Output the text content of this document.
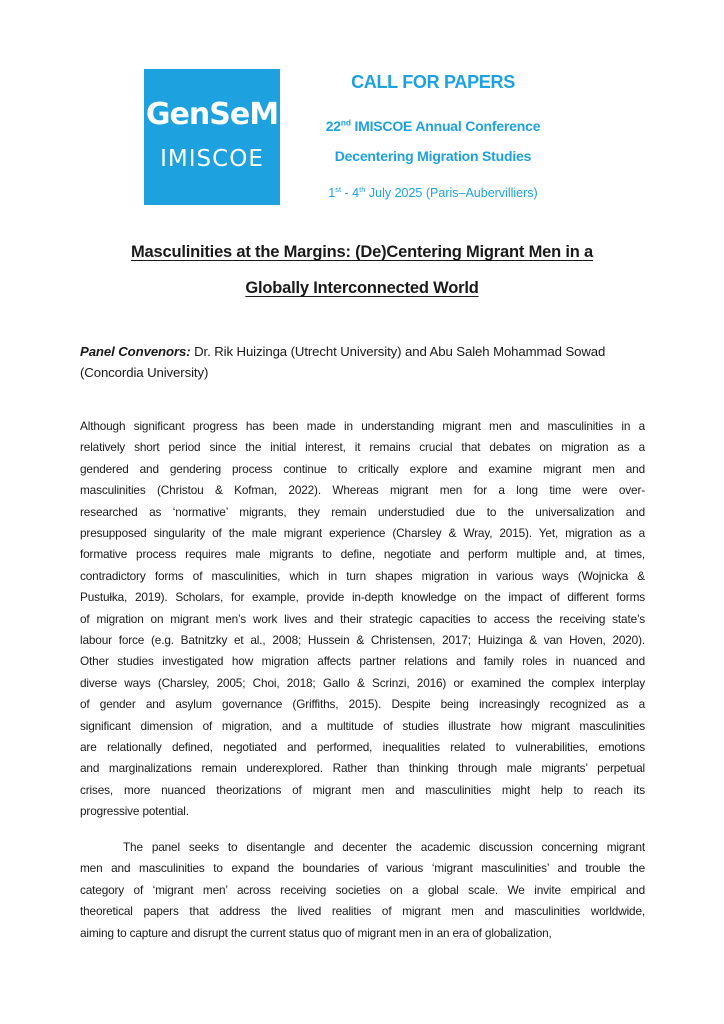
GenSeM
IMISCOE
CALL FOR PAPERS
22nd IMISCOE Annual Conference
Decentering Migration Studies
1st - 4th July 2025 (Paris–Aubervilliers)
Masculinities at the Margins: (De)Centering Migrant Men in a
Globally Interconnected World
Panel Convenors: Dr. Rik Huizinga (Utrecht University) and Abu Saleh Mohammad Sowad (Concordia University)
Although significant progress has been made in understanding migrant men and masculinities in a
relatively short period since the initial interest, it remains crucial that debates on migration as a
gendered and gendering process continue to critically explore and examine migrant men and
masculinities (Christou & Kofman, 2022). Whereas migrant men for a long time were over-
researched as ‘normative’ migrants, they remain understudied due to the universalization and
presupposed singularity of the male migrant experience (Charsley & Wray, 2015). Yet, migration as a
formative process requires male migrants to define, negotiate and perform multiple and, at times,
contradictory forms of masculinities, which in turn shapes migration in various ways (Wojnicka &
Pustułka, 2019). Scholars, for example, provide in-depth knowledge on the impact of different forms
of migration on migrant men’s work lives and their strategic capacities to access the receiving state’s
labour force (e.g. Batnitzky et al., 2008; Hussein & Christensen, 2017; Huizinga & van Hoven, 2020).
Other studies investigated how migration affects partner relations and family roles in nuanced and
diverse ways (Charsley, 2005; Choi, 2018; Gallo & Scrinzi, 2016) or examined the complex interplay
of gender and asylum governance (Griffiths, 2015). Despite being increasingly recognized as a
significant dimension of migration, and a multitude of studies illustrate how migrant masculinities
are relationally defined, negotiated and performed, inequalities related to vulnerabilities, emotions
and marginalizations remain underexplored. Rather than thinking through male migrants’ perpetual
crises, more nuanced theorizations of migrant men and masculinities might help to reach its
progressive potential.
The panel seeks to disentangle and decenter the academic discussion concerning migrant
men and masculinities to expand the boundaries of various ‘migrant masculinities’ and trouble the
category of ‘migrant men’ across receiving societies on a global scale. We invite empirical and
theoretical papers that address the lived realities of migrant men and masculinities worldwide,
aiming to capture and disrupt the current status quo of migrant men in an era of globalization,
